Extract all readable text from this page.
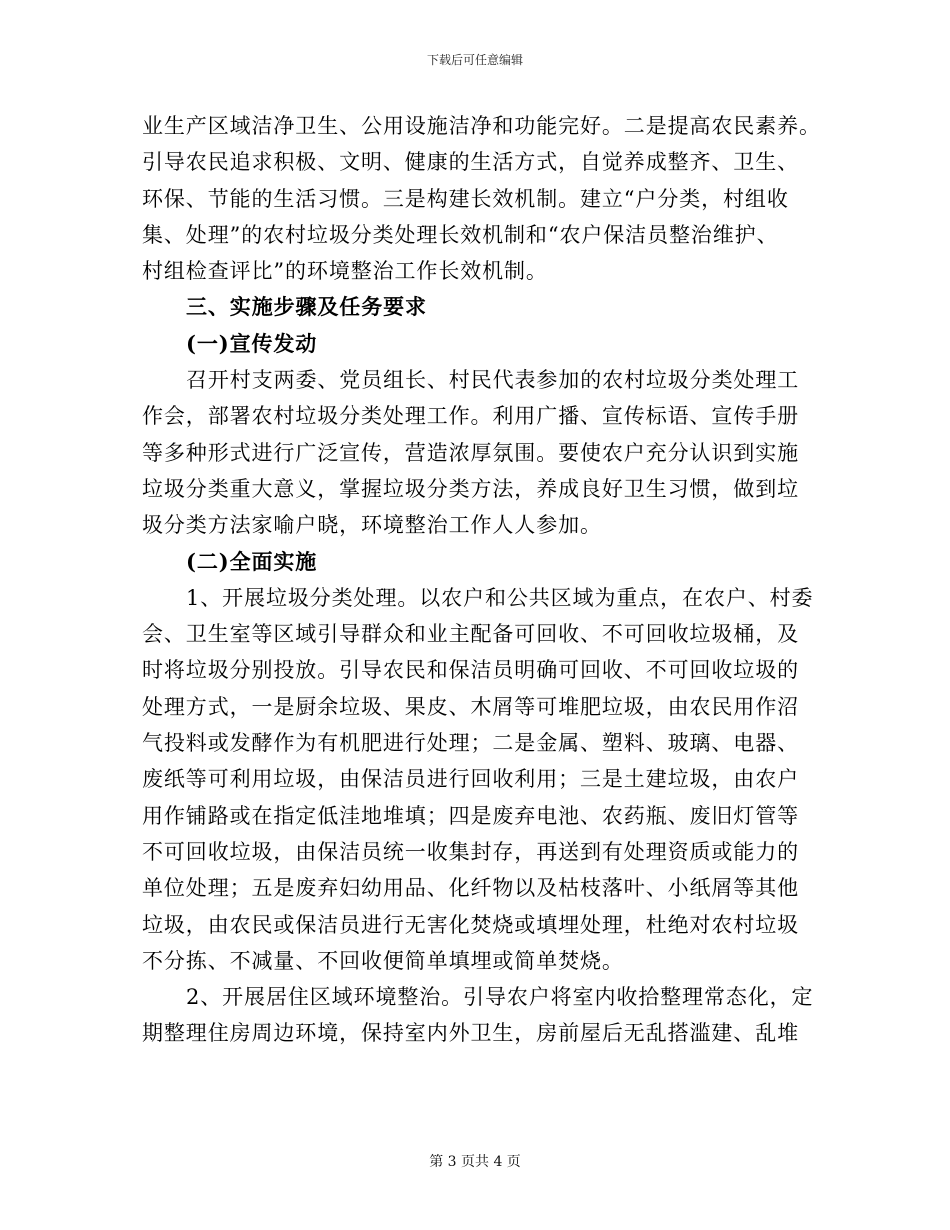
下载后可任意编辑
业生产区域洁净卫生、公用设施洁净和功能完好。二是提高农民素养。
引导农民追求积极、文明、健康的生活方式，自觉养成整齐、卫生、
环保、节能的生活习惯。三是构建长效机制。建立“户分类，村组收
集、处理”的农村垃圾分类处理长效机制和“农户保洁员整治维护、
村组检查评比”的环境整治工作长效机制。
三、实施步骤及任务要求
(一)宣传发动
召开村支两委、党员组长、村民代表参加的农村垃圾分类处理工
作会，部署农村垃圾分类处理工作。利用广播、宣传标语、宣传手册
等多种形式进行广泛宣传，营造浓厚氛围。要使农户充分认识到实施
垃圾分类重大意义，掌握垃圾分类方法，养成良好卫生习惯，做到垃
圾分类方法家喻户晓，环境整治工作人人参加。
(二)全面实施
1、开展垃圾分类处理。以农户和公共区域为重点，在农户、村委
会、卫生室等区域引导群众和业主配备可回收、不可回收垃圾桶，及
时将垃圾分别投放。引导农民和保洁员明确可回收、不可回收垃圾的
处理方式，一是厨余垃圾、果皮、木屑等可堆肥垃圾，由农民用作沼
气投料或发酵作为有机肥进行处理；二是金属、塑料、玻璃、电器、
废纸等可利用垃圾，由保洁员进行回收利用；三是土建垃圾，由农户
用作铺路或在指定低洼地堆填；四是废弃电池、农药瓶、废旧灯管等
不可回收垃圾，由保洁员统一收集封存，再送到有处理资质或能力的
单位处理；五是废弃妇幼用品、化纤物以及枯枝落叶、小纸屑等其他
垃圾，由农民或保洁员进行无害化焚烧或填埋处理，杜绝对农村垃圾
不分拣、不减量、不回收便简单填埋或简单焚烧。
2、开展居住区域环境整治。引导农户将室内收拾整理常态化，定
期整理住房周边环境，保持室内外卫生，房前屋后无乱搭滥建、乱堆
第 3 页共 4 页
